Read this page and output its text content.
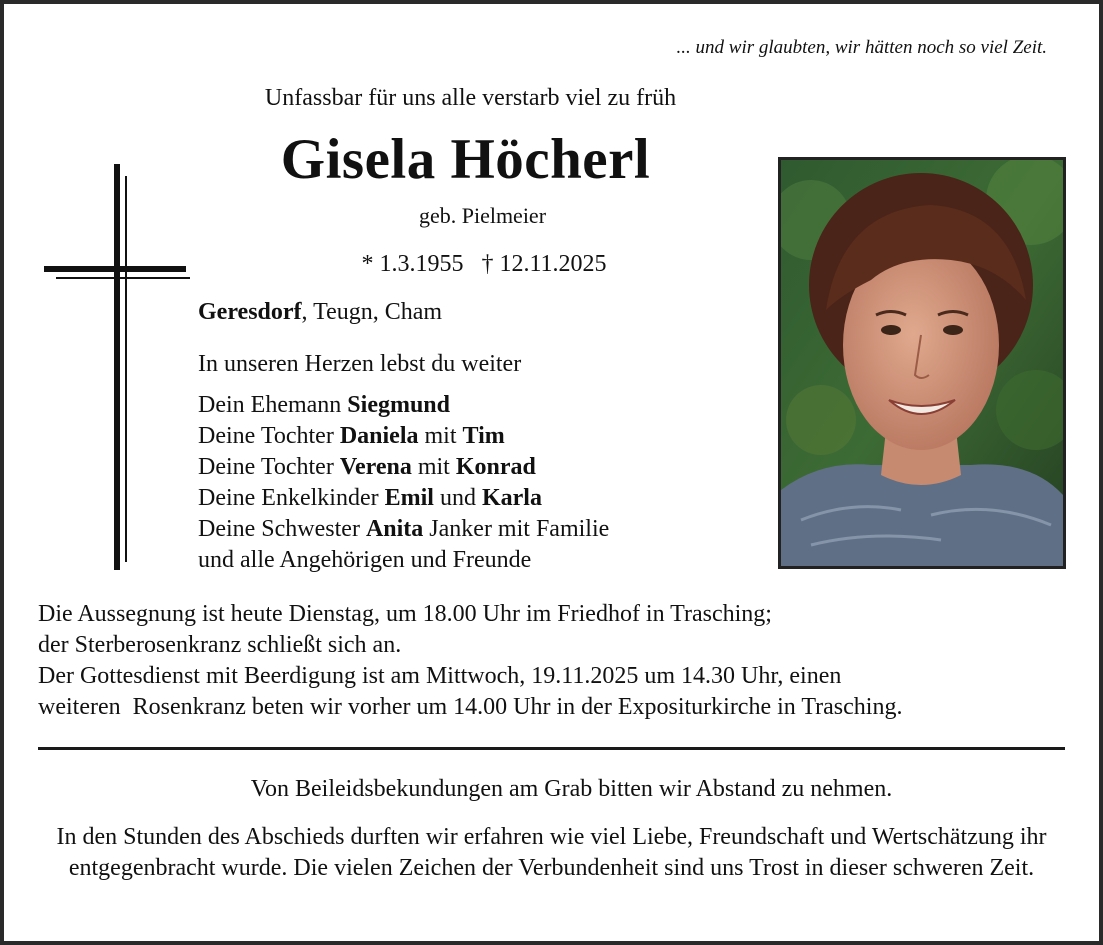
... und wir glaubten, wir hätten noch so viel Zeit.
Unfassbar für uns alle verstarb viel zu früh
Gisela Höcherl
geb. Pielmeier
* 1.3.1955 † 12.11.2025
Geresdorf, Teugn, Cham
In unseren Herzen lebst du weiter
Dein Ehemann Siegmund
Deine Tochter Daniela mit Tim
Deine Tochter Verena mit Konrad
Deine Enkelkinder Emil und Karla
Deine Schwester Anita Janker mit Familie
und alle Angehörigen und Freunde
Die Aussegnung ist heute Dienstag, um 18.00 Uhr im Friedhof in Trasching;
der Sterberosenkranz schließt sich an.
Der Gottesdienst mit Beerdigung ist am Mittwoch, 19.11.2025 um 14.30 Uhr, einen
weiteren  Rosenkranz beten wir vorher um 14.00 Uhr in der Expositurkirche in Trasching.
Von Beileidsbekundungen am Grab bitten wir Abstand zu nehmen.
In den Stunden des Abschieds durften wir erfahren wie viel Liebe, Freundschaft und Wertschätzung ihr entgegenbracht wurde. Die vielen Zeichen der Verbundenheit sind uns Trost in dieser schweren Zeit.
